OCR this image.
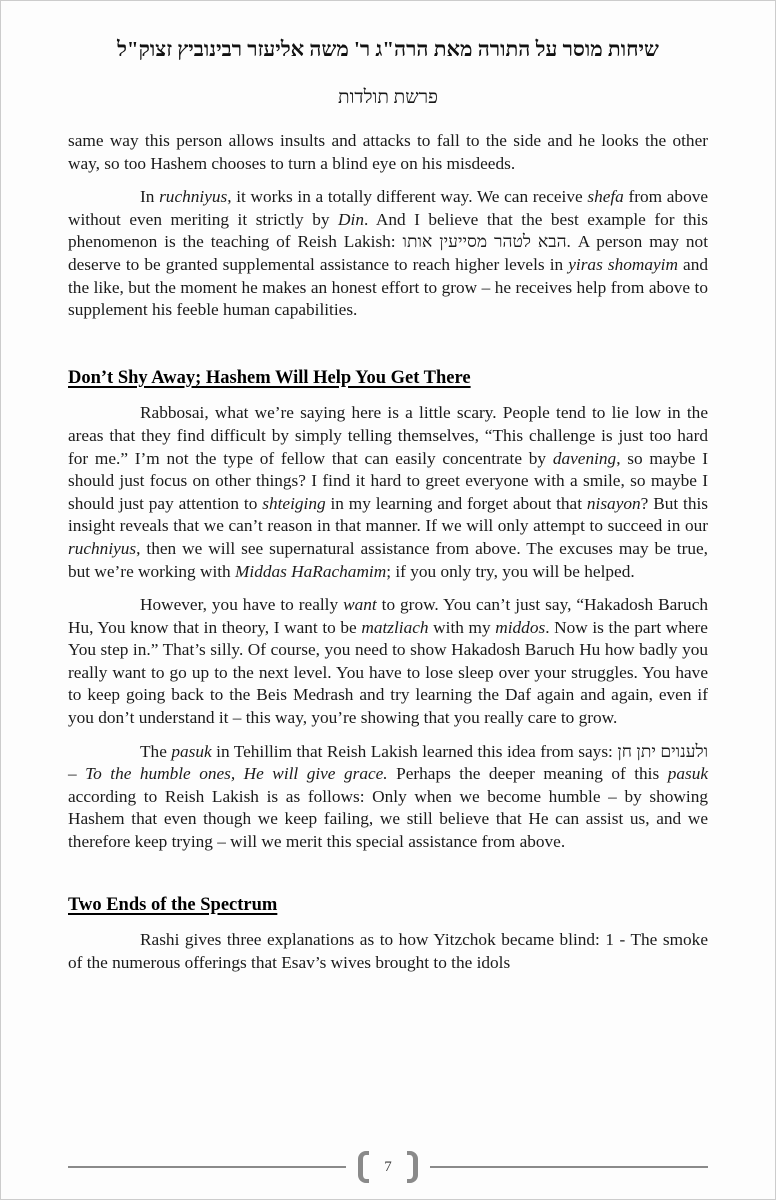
שיחות מוסר על התורה מאת הרה"ג ר' משה אליעזר רבינוביץ זצוק"ל
פרשת תולדות

same way this person allows insults and attacks to fall to the side and he looks the other way, so too Hashem chooses to turn a blind eye on his misdeeds.

In ruchniyus, it works in a totally different way. We can receive shefa from above without even meriting it strictly by Din. And I believe that the best example for this phenomenon is the teaching of Reish Lakish: הבא לטהר מסייעין אותו. A person may not deserve to be granted supplemental assistance to reach higher levels in yiras shomayim and the like, but the moment he makes an honest effort to grow – he receives help from above to supplement his feeble human capabilities.

Don’t Shy Away; Hashem Will Help You Get There

Rabbosai, what we’re saying here is a little scary. People tend to lie low in the areas that they find difficult by simply telling themselves, “This challenge is just too hard for me.” I’m not the type of fellow that can easily concentrate by davening, so maybe I should just focus on other things? I find it hard to greet everyone with a smile, so maybe I should just pay attention to shteiging in my learning and forget about that nisayon? But this insight reveals that we can’t reason in that manner. If we will only attempt to succeed in our ruchniyus, then we will see supernatural assistance from above. The excuses may be true, but we’re working with Middas HaRachamim; if you only try, you will be helped.

However, you have to really want to grow. You can’t just say, “Hakadosh Baruch Hu, You know that in theory, I want to be matzliach with my middos. Now is the part where You step in.” That’s silly. Of course, you need to show Hakadosh Baruch Hu how badly you really want to go up to the next level. You have to lose sleep over your struggles. You have to keep going back to the Beis Medrash and try learning the Daf again and again, even if you don’t understand it – this way, you’re showing that you really care to grow.

The pasuk in Tehillim that Reish Lakish learned this idea from says: ולענוים יתן חן – To the humble ones, He will give grace. Perhaps the deeper meaning of this pasuk according to Reish Lakish is as follows: Only when we become humble – by showing Hashem that even though we keep failing, we still believe that He can assist us, and we therefore keep trying – will we merit this special assistance from above.

Two Ends of the Spectrum

Rashi gives three explanations as to how Yitzchok became blind: 1 - The smoke of the numerous offerings that Esav’s wives brought to the idols

7
